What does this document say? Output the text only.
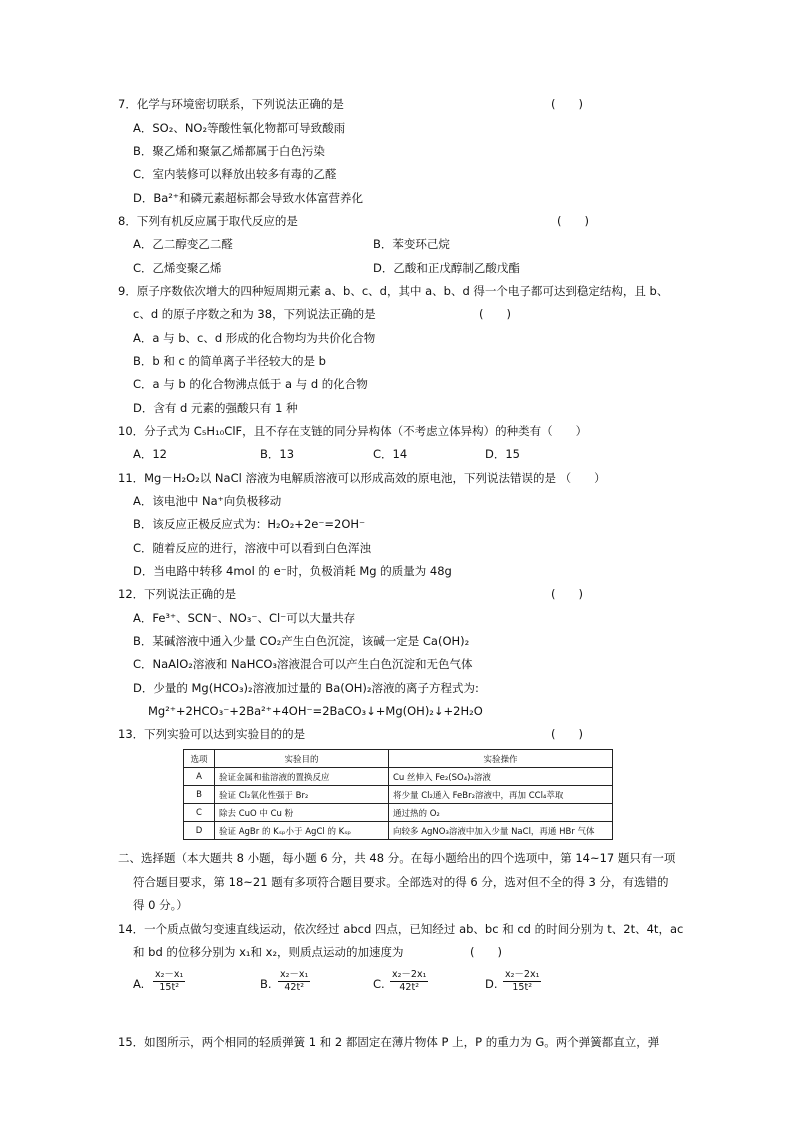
7．化学与环境密切联系，下列说法正确的是	(　　)
A．SO₂、NO₂等酸性氧化物都可导致酸雨
B．聚乙烯和聚氯乙烯都属于白色污染
C．室内装修可以释放出较多有毒的乙醛
D．Ba²⁺和磷元素超标都会导致水体富营养化
8．下列有机反应属于取代反应的是	(　　)
A．乙二醇变乙二醛	B．苯变环己烷
C．乙烯变聚乙烯	D．乙酸和正戊醇制乙酸戊酯
9．原子序数依次增大的四种短周期元素 a、b、c、d，其中 a、b、d 得一个电子都可达到稳定结构，且 b、
c、d 的原子序数之和为 38，下列说法正确的是	(　　)
A．a 与 b、c、d 形成的化合物均为共价化合物
B．b 和 c 的简单离子半径较大的是 b
C．a 与 b 的化合物沸点低于 a 与 d 的化合物
D．含有 d 元素的强酸只有 1 种
10．分子式为 C₅H₁₀ClF，且不存在支链的同分异构体（不考虑立体异构）的种类有（　　）
A．12	B．13	C．14	D．15
11．Mg－H₂O₂以 NaCl 溶液为电解质溶液可以形成高效的原电池，下列说法错误的是 （　　）
A．该电池中 Na⁺向负极移动
B．该反应正极反应式为：H₂O₂+2e⁻=2OH⁻
C．随着反应的进行，溶液中可以看到白色浑浊
D．当电路中转移 4mol 的 e⁻时，负极消耗 Mg 的质量为 48g
12．下列说法正确的是	(　　)
A．Fe³⁺、SCN⁻、NO₃⁻、Cl⁻可以大量共存
B．某碱溶液中通入少量 CO₂产生白色沉淀，该碱一定是 Ca(OH)₂
C．NaAlO₂溶液和 NaHCO₃溶液混合可以产生白色沉淀和无色气体
D．少量的 Mg(HCO₃)₂溶液加过量的 Ba(OH)₂溶液的离子方程式为:
Mg²⁺+2HCO₃⁻+2Ba²⁺+4OH⁻=2BaCO₃↓+Mg(OH)₂↓+2H₂O
13．下列实验可以达到实验目的的是	(　　)
选项	实验目的	实验操作
A	验证金属和盐溶液的置换反应	Cu 丝伸入 Fe₂(SO₄)₃溶液
B	验证 Cl₂氧化性强于 Br₂	将少量 Cl₂通入 FeBr₂溶液中，再加 CCl₄萃取
C	除去 CuO 中 Cu 粉	通过热的 O₂
D	验证 AgBr 的 Kₛₚ小于 AgCl 的 Kₛₚ	向较多 AgNO₃溶液中加入少量 NaCl，再通 HBr 气体
二、选择题（本大题共 8 小题，每小题 6 分，共 48 分。在每小题给出的四个选项中，第 14~17 题只有一项
符合题目要求，第 18~21 题有多项符合题目要求。全部选对的得 6 分，选对但不全的得 3 分，有选错的
得 0 分。）
14．一个质点做匀变速直线运动，依次经过 abcd 四点，已知经过 ab、bc 和 cd 的时间分别为 t、2t、4t，ac
和 bd 的位移分别为 x₁和 x₂，则质点运动的加速度为	(　　)
A. $\frac{\text{x₂－x₁}}{\text{15t²}}$	B. $\frac{\text{x₂－x₁}}{\text{42t²}}$	C. $\frac{\text{x₂－2x₁}}{\text{42t²}}$	D. $\frac{\text{x₂－2x₁}}{\text{15t²}}$
15．如图所示，两个相同的轻质弹簧 1 和 2 都固定在薄片物体 P 上，P 的重力为 G。两个弹簧都直立，弹
